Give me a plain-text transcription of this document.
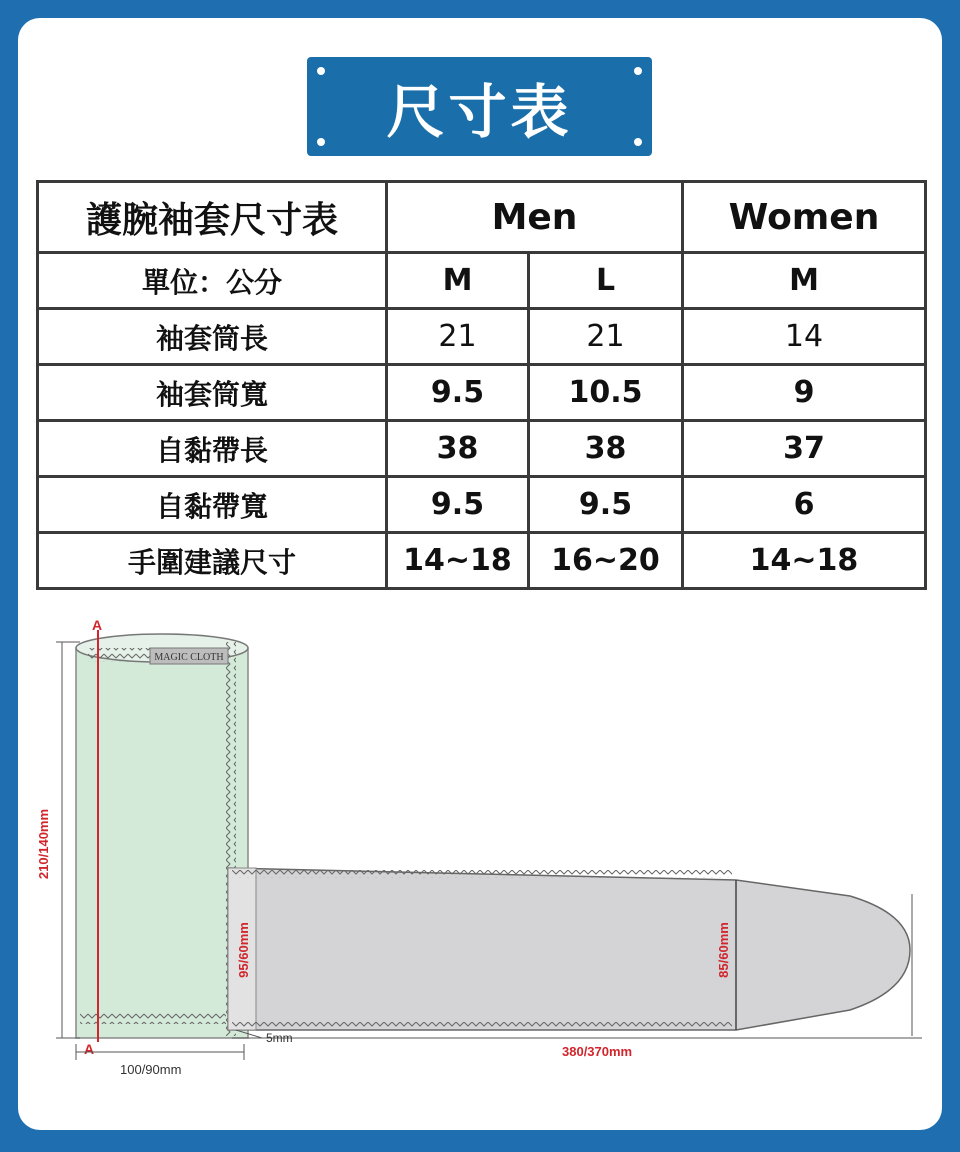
尺寸表
護腕袖套尺寸表	Men		Women
單位：公分	M	L	M
袖套筒長	21	21	14
袖套筒寬	9.5	10.5	9
自黏帶長	38	38	37
自黏帶寬	9.5	9.5	6
手圍建議尺寸	14~18	16~20	14~18
MAGIC CLOTH
A
A
210/140mm
100/90mm
95/60mm	85/60mm
380/370mm
5mm
